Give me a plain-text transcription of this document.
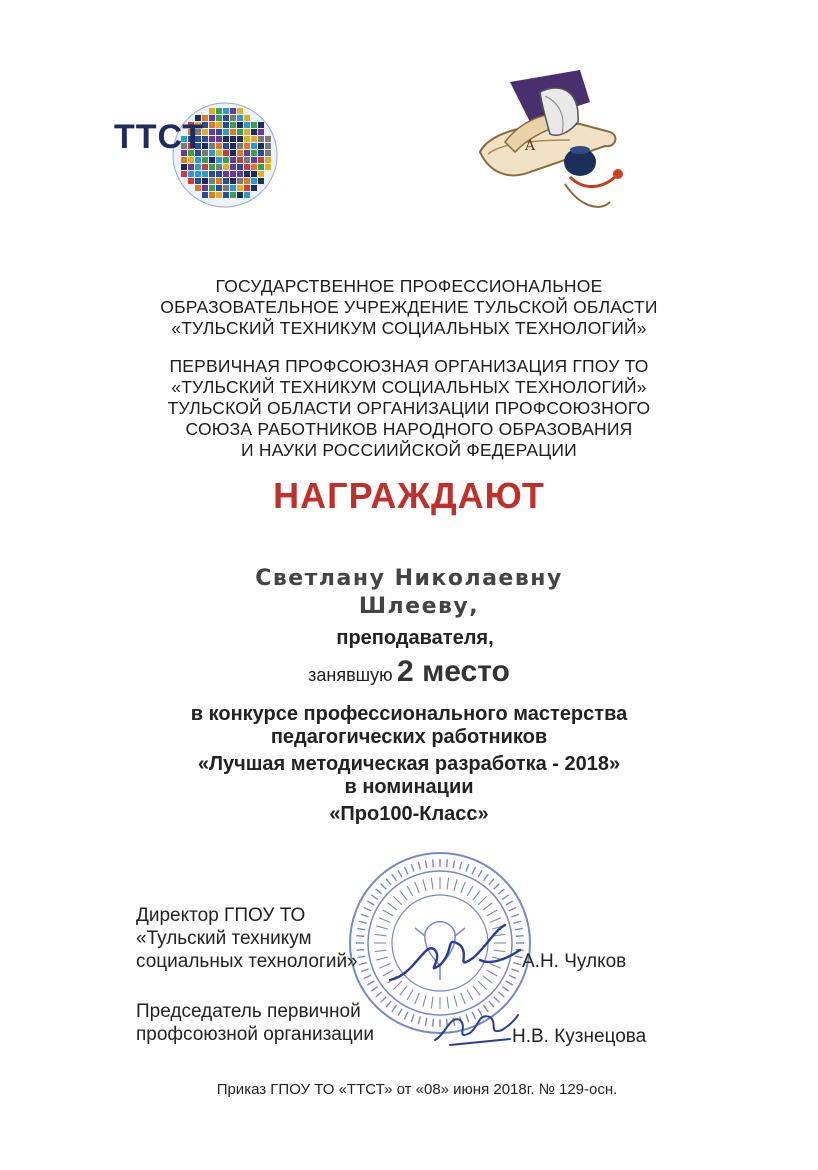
ТТСТ	A
ГОСУДАРСТВЕННОЕ ПРОФЕССИОНАЛЬНОЕ
ОБРАЗОВАТЕЛЬНОЕ УЧРЕЖДЕНИЕ ТУЛЬСКОЙ ОБЛАСТИ
«ТУЛЬСКИЙ ТЕХНИКУМ СОЦИАЛЬНЫХ ТЕХНОЛОГИЙ»
ПЕРВИЧНАЯ ПРОФСОЮЗНАЯ ОРГАНИЗАЦИЯ ГПОУ ТО
«ТУЛЬСКИЙ ТЕХНИКУМ СОЦИАЛЬНЫХ ТЕХНОЛОГИЙ»
ТУЛЬСКОЙ ОБЛАСТИ ОРГАНИЗАЦИИ ПРОФСОЮЗНОГО
СОЮЗА РАБОТНИКОВ НАРОДНОГО ОБРАЗОВАНИЯ
И НАУКИ РОССИИЙСКОЙ ФЕДЕРАЦИИ
НАГРАЖДАЮТ
Светлану Николаевну
Шлееву,
преподавателя,
занявшую 2 место
в конкурсе профессионального мастерства
педагогических работников
«Лучшая методическая разработка - 2018»
в номинации
«Про100-Класс»
Директор ГПОУ ТО
«Тульский техникум
социальных технологий»	А.Н. Чулков
Председатель первичной
профсоюзной организации	Н.В. Кузнецова
Приказ ГПОУ ТО «ТТСТ» от «08» июня 2018г. № 129-осн.
